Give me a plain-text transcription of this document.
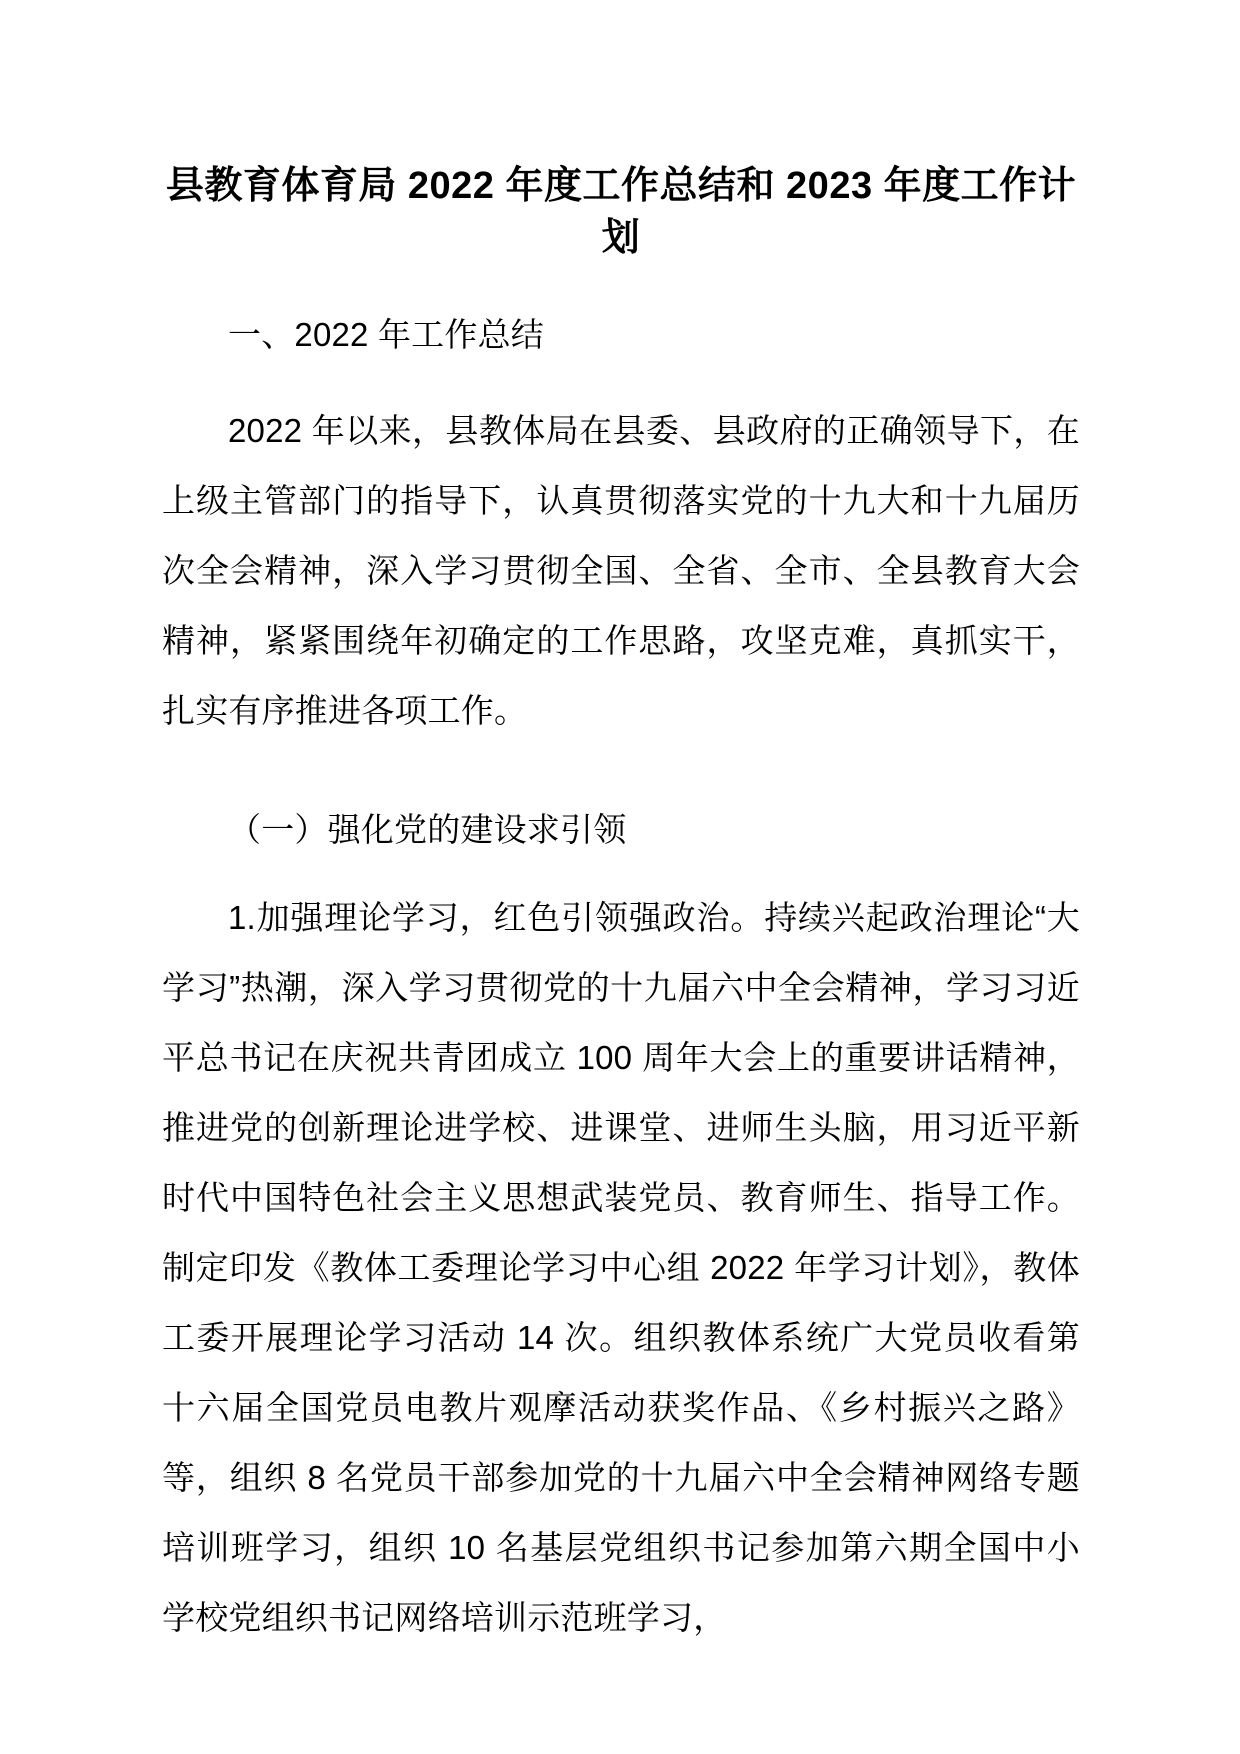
县教育体育局 2022 年度工作总结和 2023 年度工作计划

一、2022 年工作总结

2022 年以来，县教体局在县委、县政府的正确领导下，在上级主管部门的指导下，认真贯彻落实党的十九大和十九届历次全会精神，深入学习贯彻全国、全省、全市、全县教育大会精神，紧紧围绕年初确定的工作思路，攻坚克难，真抓实干，扎实有序推进各项工作。

（一）强化党的建设求引领

1.加强理论学习，红色引领强政治。持续兴起政治理论“大学习”热潮，深入学习贯彻党的十九届六中全会精神，学习习近平总书记在庆祝共青团成立 100 周年大会上的重要讲话精神，推进党的创新理论进学校、进课堂、进师生头脑，用习近平新时代中国特色社会主义思想武装党员、教育师生、指导工作。制定印发《教体工委理论学习中心组 2022 年学习计划》，教体工委开展理论学习活动 14 次。组织教体系统广大党员收看第十六届全国党员电教片观摩活动获奖作品、《乡村振兴之路》等，组织 8 名党员干部参加党的十九届六中全会精神网络专题培训班学习，组织 10 名基层党组织书记参加第六期全国中小学校党组织书记网络培训示范班学习，
